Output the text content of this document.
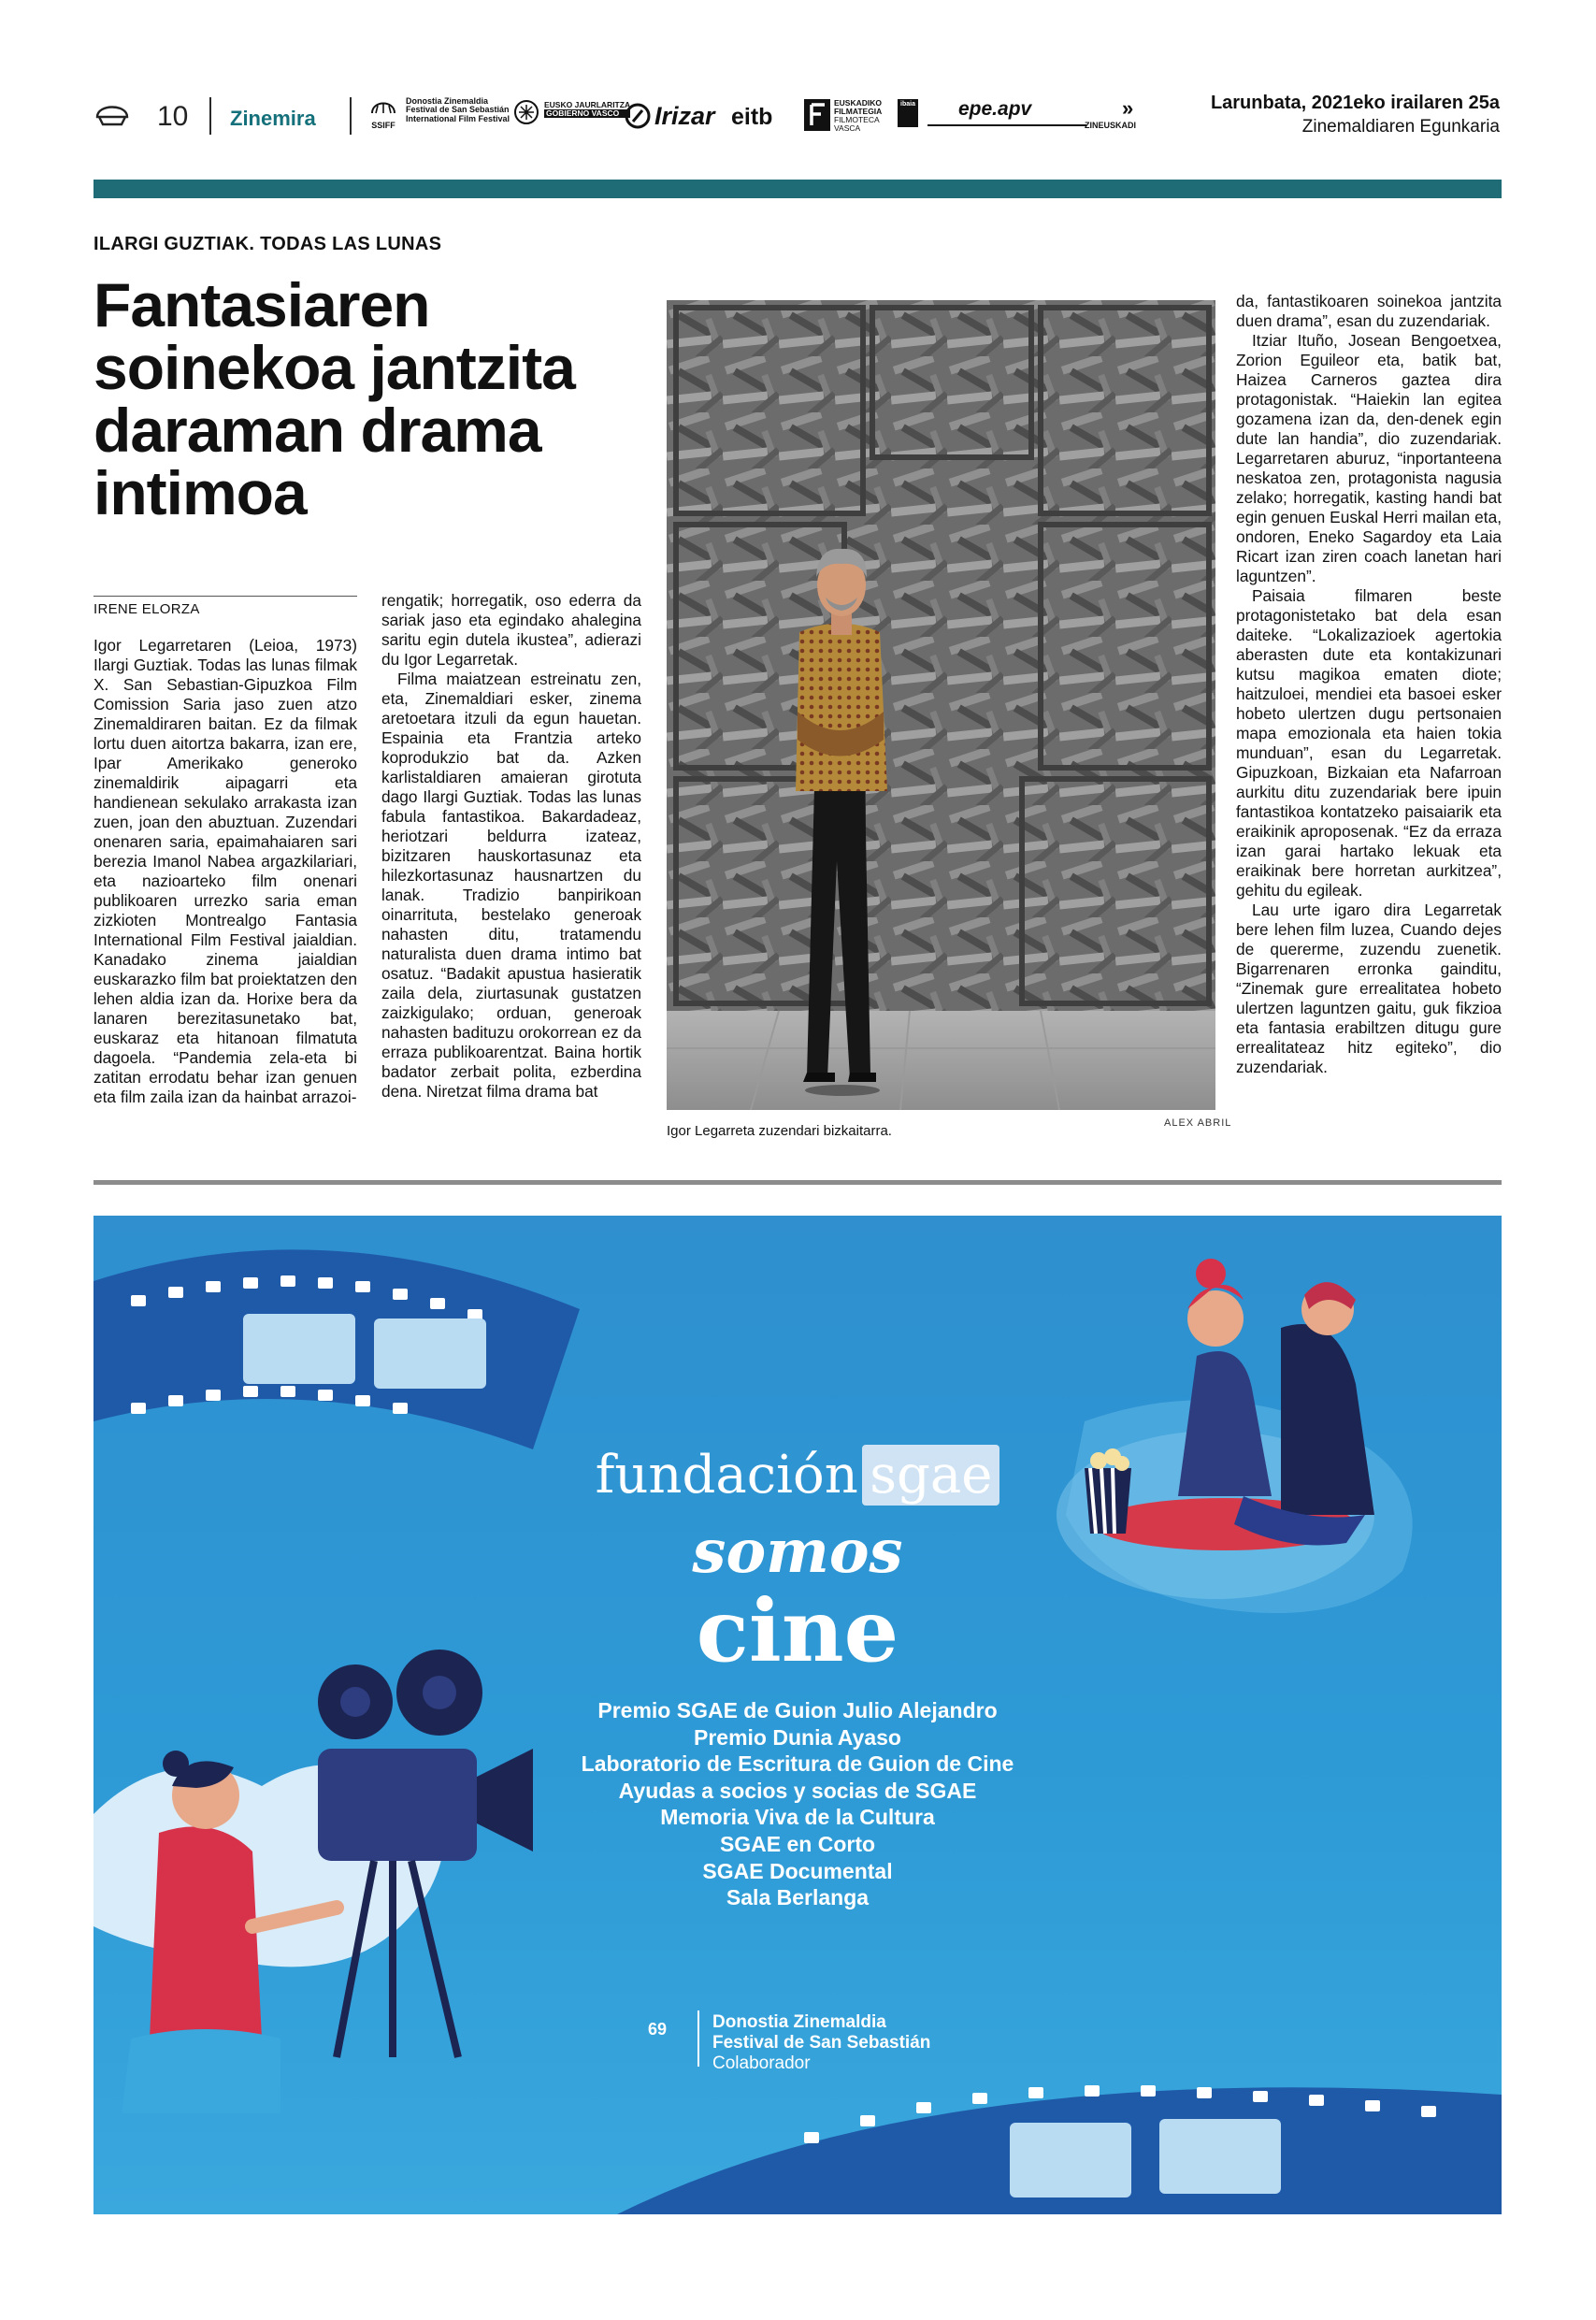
10 Zinemira	SSIFF
Donostia Zinemaldia
Festival de San Sebastián
International Film Festival
EUSKO JAURLARITZA
GOBIERNO VASCO	Irizar eitb
EUSKADIKO
FILMATEGIA
FILMOTECA
VASCA
ibaia epe.apv	»
ZINEUSKADI
Larunbata, 2021eko irailaren 25a
Zinemaldiaren Egunkaria
ILARGI GUZTIAK. TODAS LAS LUNAS
Fantasiaren soinekoa jantzita daraman drama intimoa
IRENE ELORZA

Igor Legarretaren (Leioa, 1973) Ilargi Guztiak. Todas las lunas filmak X. San Sebastian-Gipuzkoa Film Comission Saria jaso zuen atzo Zinemaldiraren baitan. Ez da filmak lortu duen aitortza bakarra, izan ere, Ipar Amerikako generoko zinemaldirik aipagarri eta handienean sekulako arrakasta izan zuen, joan den abuztuan. Zuzendari onenaren saria, epaimahaiaren sari berezia Imanol Nabea argazkilariari, eta nazioarteko film onenari publikoaren urrezko saria eman zizkioten Montrealgo Fantasia International Film Festival jaialdian. Kanadako zinema jaialdian euskarazko film bat proiektatzen den lehen aldia izan da. Horixe bera da lanaren berezitasunetako bat, euskaraz eta hitanoan filmatuta dagoela. “Pandemia zela-eta bi zatitan errodatu behar izan genuen eta film zaila izan da hainbat arrazoi-

rengatik; horregatik, oso ederra da sariak jaso eta egindako ahalegina saritu egin dutela ikustea”, adierazi du Igor Legarretak.

Filma maiatzean estreinatu zen, eta, Zinemaldiari esker, zinema aretoetara itzuli da egun hauetan. Espainia eta Frantzia arteko koprodukzio bat da. Azken karlistaldiaren amaieran girotuta dago Ilargi Guztiak. Todas las lunas fabula fantastikoa. Bakardadeaz, heriotzari beldurra izateaz, bizitzaren hauskortasunaz eta hilezkortasunaz hausnartzen du lanak. Tradizio banpirikoan oinarrituta, bestelako generoak nahasten ditu, tratamendu naturalista duen drama intimo bat osatuz. “Badakit apustua hasieratik zaila dela, ziurtasunak gustatzen zaizkigulako; orduan, generoak nahasten badituzu orokorrean ez da erraza publikoarentzat. Baina hortik badator zerbait polita, ezberdina dena. Niretzat filma drama bat

Igor Legarreta zuzendari bizkaitarra.	ALEX ABRIL

da, fantastikoaren soinekoa jantzita duen drama”, esan du zuzendariak.

Itziar Ituño, Josean Bengoetxea, Zorion Eguileor eta, batik bat, Haizea Carneros gaztea dira protagonistak. “Haiekin lan egitea gozamena izan da, den-denek egin dute lan handia”, dio zuzendariak. Legarretaren aburuz, “inportanteena neskatoa zen, protagonista nagusia zelako; horregatik, kasting handi bat egin genuen Euskal Herri mailan eta, ondoren, Eneko Sagardoy eta Laia Ricart izan ziren coach lanetan hari laguntzen”.

Paisaia filmaren beste protagonistetako bat dela esan daiteke. “Lokalizazioek agertokia aberasten dute eta kontakizunari kutsu magikoa ematen diote; haitzuloei, mendiei eta basoei esker hobeto ulertzen dugu pertsonaien mapa emozionala eta haien tokia munduan”, esan du Legarretak. Gipuzkoan, Bizkaian eta Nafarroan aurkitu ditu zuzendariak bere ipuin fantastikoa kontatzeko paisaiarik eta eraikinik aproposenak. “Ez da erraza izan garai hartako lekuak eta eraikinak bere horretan aurkitzea”, gehitu du egileak.

Lau urte igaro dira Legarretak bere lehen film luzea, Cuando dejes de quererme, zuzendu zuenetik. Bigarrenaren erronka gainditu, “Zinemak gure errealitatea hobeto ulertzen laguntzen gaitu, guk fikzioa eta fantasia erabiltzen ditugu gure errealitateaz hitz egiteko”, dio zuzendariak.

fundación sgae
somos
cine
Premio SGAE de Guion Julio Alejandro
Premio Dunia Ayaso
Laboratorio de Escritura de Guion de Cine
Ayudas a socios y socias de SGAE
Memoria Viva de la Cultura
SGAE en Corto
SGAE Documental
Sala Berlanga
69	Donostia Zinemaldia
Festival de San Sebastián
Colaborador
